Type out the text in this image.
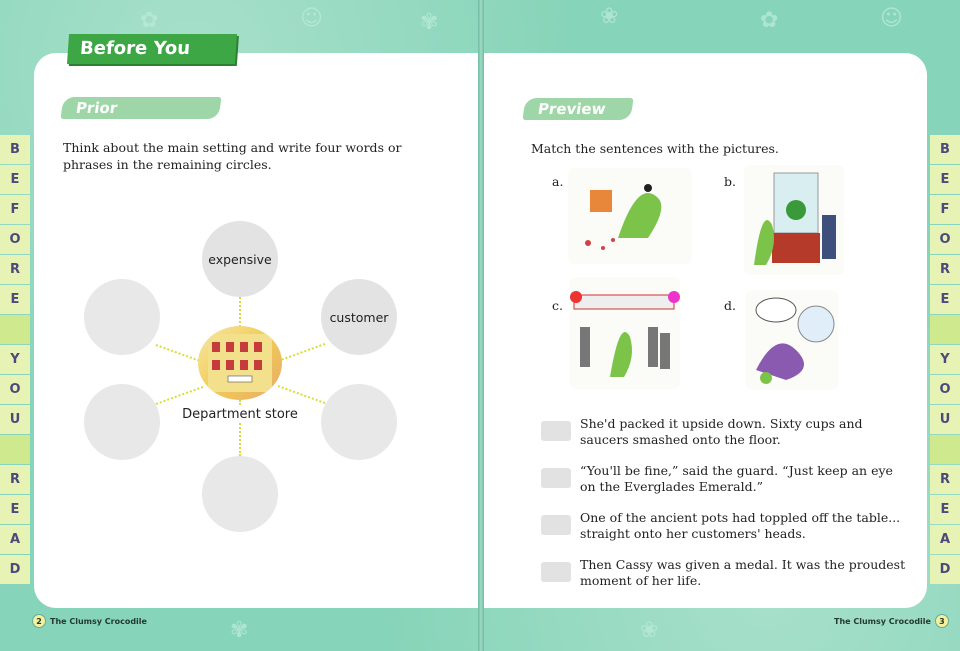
✿	☺	✾	❀	✿	☺
✾	❀
B
E
F
O
R
E
Y
O
U
R
E
A
D
B
E
F
O
R
E
Y
O
U
R
E
A
D
Before You Read
Prior Knowledge
Think about the main setting and write four words or phrases in the remaining circles.
expensive
customer
Department store
2	The Clumsy Crocodile
Preview
Match the sentences with the pictures.
a.	b.
c.	d.
She'd packed it upside down. Sixty cups and saucers smashed onto the floor.
“You'll be fine,” said the guard. “Just keep an eye on the Everglades Emerald.”
One of the ancient pots had toppled off the table... straight onto her customers' heads.
Then Cassy was given a medal. It was the proudest moment of her life.
The Clumsy Crocodile	3
